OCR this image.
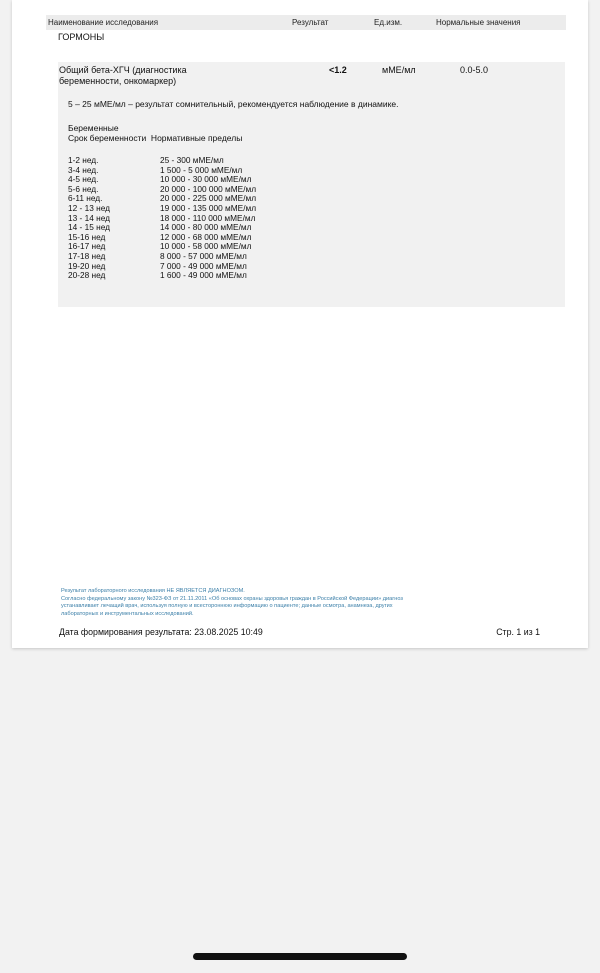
Наименование исследования	Результат	Ед.изм.	Нормальные значения
ГОРМОНЫ
Общий бета-ХГЧ (диагностика
беременности, онкомаркер)
<1.2	мМЕ/мл	0.0-5.0
5 – 25 мМЕ/мл – результат сомнительный, рекомендуется наблюдение в динамике.
Беременные
Срок беременности  Нормативные пределы
1-2 нед.	25 - 300 мМЕ/мл
3-4 нед.	1 500 - 5 000 мМЕ/мл
4-5 нед.	10 000 - 30 000 мМЕ/мл
5-6 нед.	20 000 - 100 000 мМЕ/мл
6-11 нед.	20 000 - 225 000 мМЕ/мл
12 - 13 нед	19 000 - 135 000 мМЕ/мл
13 - 14 нед	18 000 - 110 000 мМЕ/мл
14 - 15 нед	14 000 - 80 000 мМЕ/мл
15-16 нед	12 000 - 68 000 мМЕ/мл
16-17 нед	10 000 - 58 000 мМЕ/мл
17-18 нед	8 000 - 57 000 мМЕ/мл
19-20 нед	7 000 - 49 000 мМЕ/мл
20-28 нед	1 600 - 49 000 мМЕ/мл
Результат лабораторного исследования НЕ ЯВЛЯЕТСЯ ДИАГНОЗОМ.
Согласно федеральному закону №323-ФЗ от 21.11.2011 «Об основах охраны здоровья граждан в Российской Федерации» диагноз
устанавливает лечащий врач, используя полную и всестороннюю информацию о пациенте; данные осмотра, анамнеза, других
лабораторных и инструментальных исследований.
Дата формирования результата: 23.08.2025 10:49	Стр. 1 из 1
